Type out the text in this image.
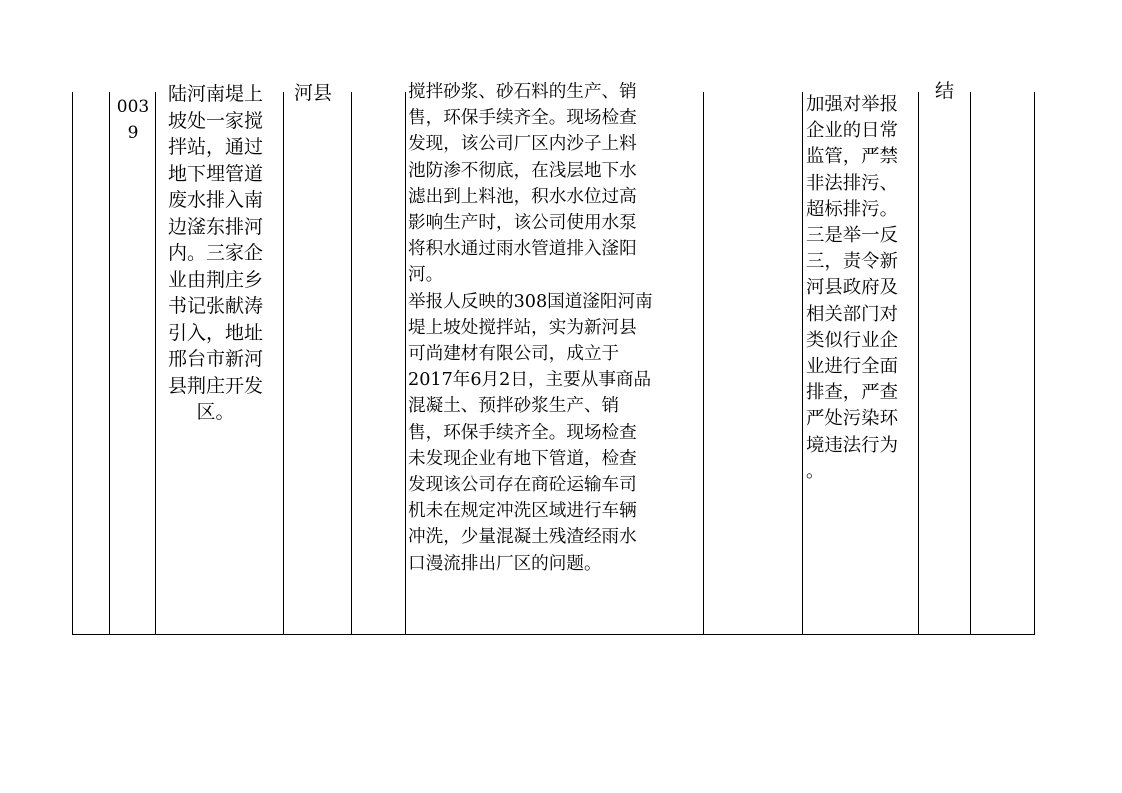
0039
陆河南堤上
坡处一家搅
拌站，通过
地下埋管道
废水排入南
边滏东排河
内。三家企
业由荆庄乡
书记张献涛
引入，地址
邢台市新河
县荆庄开发
区。
河县	搅拌砂浆、砂石料的生产、销
售，环保手续齐全。现场检查
发现，该公司厂区内沙子上料
池防渗不彻底，在浅层地下水
滤出到上料池，积水水位过高
影响生产时，该公司使用水泵
将积水通过雨水管道排入滏阳
河。
举报人反映的308国道滏阳河南
堤上坡处搅拌站，实为新河县
可尚建材有限公司，成立于
2017年6月2日，主要从事商品
混凝土、预拌砂浆生产、销
售，环保手续齐全。现场检查
未发现企业有地下管道，检查
发现该公司存在商砼运输车司
机未在规定冲洗区域进行车辆
冲洗，少量混凝土残渣经雨水
口漫流排出厂区的问题。
加强对举报
企业的日常
监管，严禁
非法排污、
超标排污。
三是举一反
三，责令新
河县政府及
相关部门对
类似行业企
业进行全面
排查，严查
严处污染环
境违法行为
。
结
